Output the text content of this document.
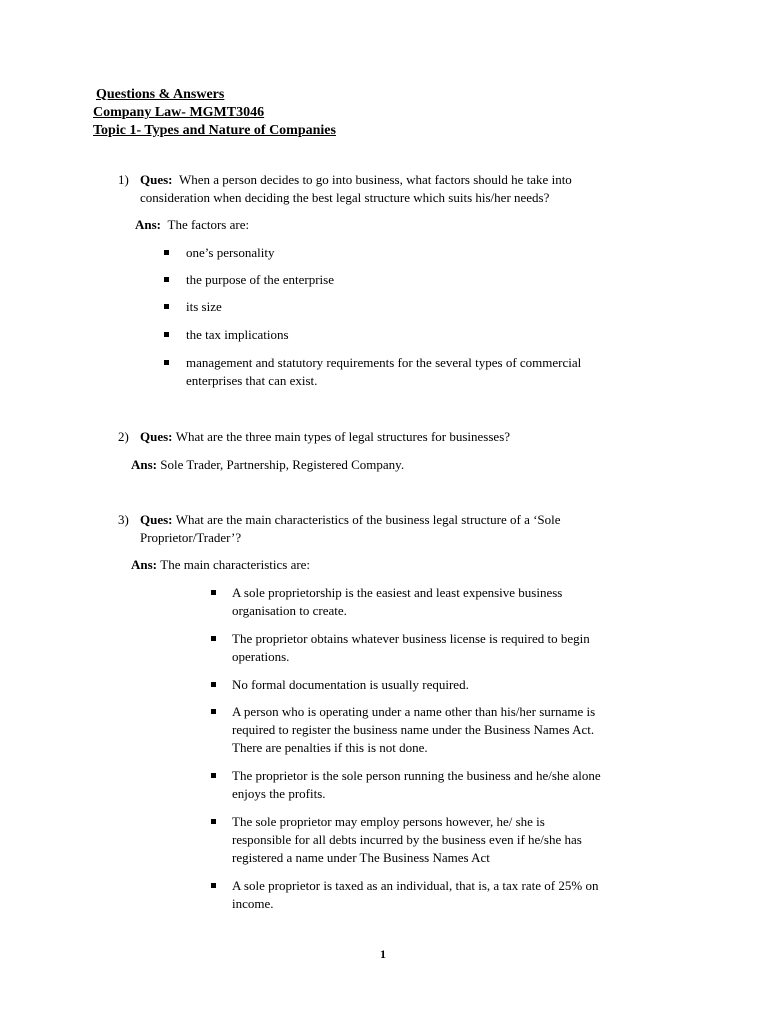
Questions & Answers
Company Law- MGMT3046
Topic 1- Types and Nature of Companies
1) Ques: When a person decides to go into business, what factors should he take into
consideration when deciding the best legal structure which suits his/her needs?
Ans: The factors are:
one’s personality
the purpose of the enterprise
its size
the tax implications
management and statutory requirements for the several types of commercial
enterprises that can exist.
2) Ques: What are the three main types of legal structures for businesses?
Ans: Sole Trader, Partnership, Registered Company.
3) Ques: What are the main characteristics of the business legal structure of a ‘Sole
Proprietor/Trader’?
Ans: The main characteristics are:
A sole proprietorship is the easiest and least expensive business
organisation to create.
The proprietor obtains whatever business license is required to begin
operations.
No formal documentation is usually required.
A person who is operating under a name other than his/her surname is
required to register the business name under the Business Names Act.
There are penalties if this is not done.
The proprietor is the sole person running the business and he/she alone
enjoys the profits.
The sole proprietor may employ persons however, he/ she is
responsible for all debts incurred by the business even if he/she has
registered a name under The Business Names Act
A sole proprietor is taxed as an individual, that is, a tax rate of 25% on
income.
1
